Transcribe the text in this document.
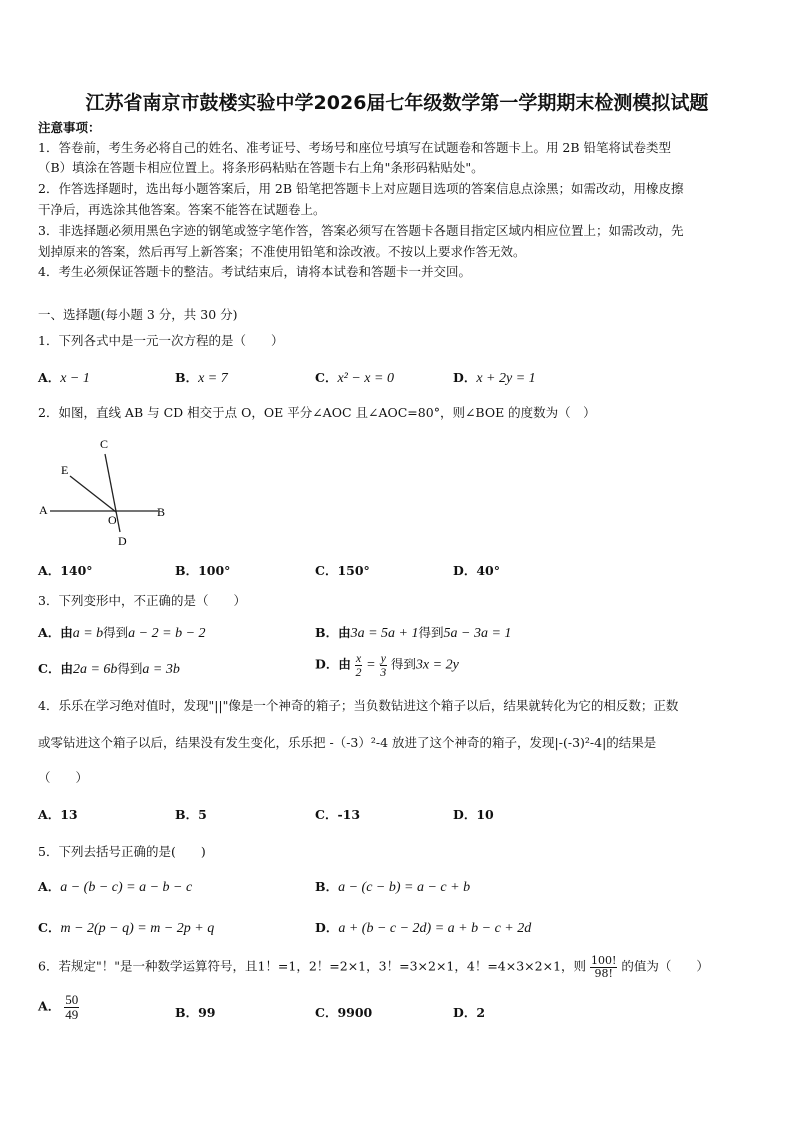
江苏省南京市鼓楼实验中学2026届七年级数学第一学期期末检测模拟试题
注意事项：
1．答卷前，考生务必将自己的姓名、准考证号、考场号和座位号填写在试题卷和答题卡上。用 2B 铅笔将试卷类型
（B）填涂在答题卡相应位置上。将条形码粘贴在答题卡右上角"条形码粘贴处"。
2．作答选择题时，选出每小题答案后，用 2B 铅笔把答题卡上对应题目选项的答案信息点涂黑；如需改动，用橡皮擦
干净后，再选涂其他答案。答案不能答在试题卷上。
3．非选择题必须用黑色字迹的钢笔或签字笔作答，答案必须写在答题卡各题目指定区域内相应位置上；如需改动，先
划掉原来的答案，然后再写上新答案；不准使用铅笔和涂改液。不按以上要求作答无效。
4．考生必须保证答题卡的整洁。考试结束后，请将本试卷和答题卡一并交回。
一、选择题(每小题 3 分，共 30 分)
1．下列各式中是一元一次方程的是（　　）
A．x − 1	B．x = 7	C．x² − x = 0	D．x + 2y = 1
2．如图，直线 AB 与 CD 相交于点 O，OE 平分∠AOC 且∠AOC=80°，则∠BOE 的度数为（　）
C
E
A
O
B
D
A．140°	B．100°	C．150°	D．40°
3．下列变形中，不正确的是（　　）
A．由a = b得到a − 2 = b − 2	B．由3a = 5a + 1得到5a − 3a = 1
C．由2a = 6b得到a = 3b	D．由 $\frac{x}{2} = \frac{y}{3}$ 得到3x = 2y
4．乐乐在学习绝对值时，发现"||"像是一个神奇的箱子；当负数钻进这个箱子以后，结果就转化为它的相反数；正数
或零钻进这个箱子以后，结果没有发生变化，乐乐把 -（-3）²-4 放进了这个神奇的箱子，发现|-(-3)²-4|的结果是
（　　）
A．13	B．5	C．-13	D．10
5．下列去括号正确的是(　　)
A．a − (b − c) = a − b − c	B．a − (c − b) = a − c + b
C．m − 2(p − q) = m − 2p + q	D．a + (b − c − 2d) = a + b − c + 2d
6．若规定"！"是一种数学运算符号，且1！=1，2！=2×1，3！=3×2×1，4！=4×3×2×1，则 $\frac{100!}{98!}$ 的值为（　　）
A． $\frac{50}{49}$	B．99	C．9900	D．2
